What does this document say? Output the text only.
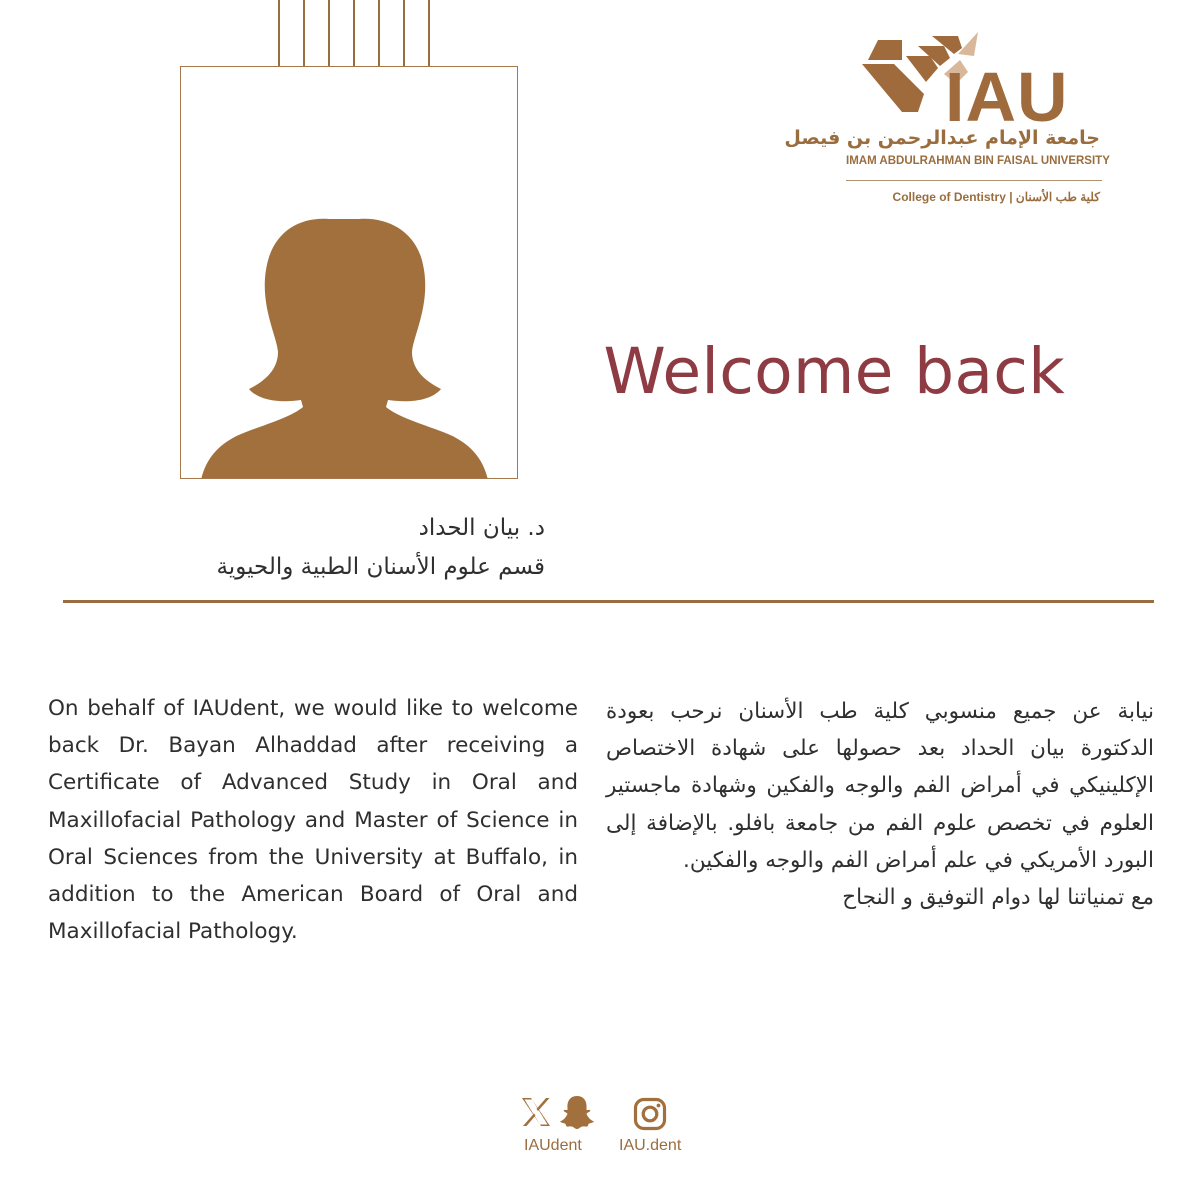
د. بيان الحداد
قسم علوم الأسنان الطبية والحيوية
IAU
جامعة الإمام عبدالرحمن بن فيصل
IMAM ABDULRAHMAN BIN FAISAL UNIVERSITY
College of Dentistry | كلية طب الأسنان
Welcome back
On behalf of IAUdent, we would like to welcome back Dr. Bayan Alhaddad after receiving a Certificate of Advanced Study in Oral and Maxillofacial Pathology and Master of Science in Oral Sciences from the University at Buffalo, in addition to the American Board of Oral and Maxillofacial Pathology.
نيابة عن جميع منسوبي كلية طب الأسنان نرحب بعودة الدكتورة بيان الحداد بعد حصولها على شهادة الاختصاص الإكلينيكي في أمراض الفم والوجه والفكين وشهادة ماجستير العلوم في تخصص علوم الفم من جامعة بافلو. بالإضافة إلى البورد الأمريكي في علم أمراض الفم والوجه والفكين.
مع تمنياتنا لها دوام التوفيق و النجاح
IAUdent IAU.dent
